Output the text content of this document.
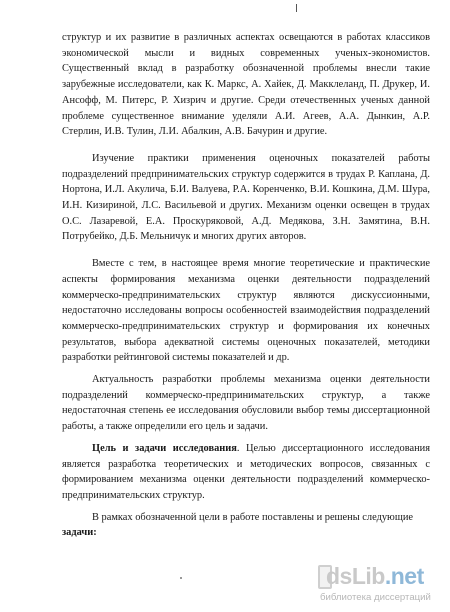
структур и их развитие в различных аспектах освещаются в работах классиков экономической мысли и видных современных ученых-экономистов. Существенный вклад в разработку обозначенной проблемы внесли такие зарубежные исследователи, как К. Маркс, А. Хайек, Д. Макклеланд, П. Друкер, И. Ансофф, М. Питерс, Р. Хизрич и другие. Среди отечественных ученых данной проблеме существенное внимание уделяли А.И. Агеев, А.А. Дынкин, А.Р. Стерлин, И.В. Тулин, Л.И. Абалкин, А.В. Бачурин и другие.

Изучение практики применения оценочных показателей работы подразделений предпринимательских структур содержится в трудах Р. Каплана, Д. Нортона, И.Л. Акулича, Б.И. Валуева, Р.А. Коренченко, В.И. Кошкина, Д.М. Шура, И.Н. Кизириной, Л.С. Васильевой и других. Механизм оценки освещен в трудах О.С. Лазаревой, Е.А. Проскуряковой, А.Д. Медякова, З.Н. Замятина, В.Н. Потрубейко, Д.Б. Мельничук и многих других авторов.

Вместе с тем, в настоящее время многие теоретические и практические аспекты формирования механизма оценки деятельности подразделений коммерческо-предпринимательских структур являются дискуссионными, недостаточно исследованы вопросы особенностей взаимодействия подразделений коммерческо-предпринимательских структур и формирования их конечных результатов, выбора адекватной системы оценочных показателей, методики разработки рейтинговой системы показателей и др.

Актуальность разработки проблемы механизма оценки деятельности подразделений коммерческо-предпринимательских структур, а также недостаточная степень ее исследования обусловили выбор темы диссертационной работы, а также определили его цель и задачи.

Цель и задачи исследования. Целью диссертационного исследования является разработка теоретических и методических вопросов, связанных с формированием механизма оценки деятельности подразделений коммерческо-предпринимательских структур.

В рамках обозначенной цели в работе поставлены и решены следующие
задачи:

dsLib.net
библиотека диссертаций
